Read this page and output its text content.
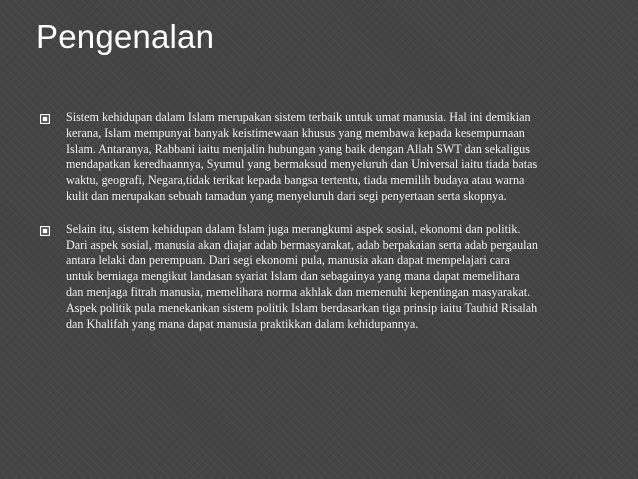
Pengenalan
Sistem kehidupan dalam Islam merupakan sistem terbaik untuk umat manusia. Hal ini demikian kerana, Islam mempunyai banyak keistimewaan khusus yang membawa kepada kesempurnaan Islam. Antaranya, Rabbani iaitu menjalin hubungan yang baik dengan Allah SWT dan sekaligus mendapatkan keredhaannya, Syumul yang bermaksud menyeluruh dan Universal iaitu tiada batas waktu, geografi, Negara,tidak terikat kepada bangsa tertentu, tiada memilih budaya atau warna kulit dan merupakan sebuah tamadun yang menyeluruh dari segi penyertaan serta skopnya.
Selain itu, sistem kehidupan dalam Islam juga merangkumi aspek sosial, ekonomi dan politik. Dari aspek sosial, manusia akan diajar adab bermasyarakat, adab berpakaian serta adab pergaulan antara lelaki dan perempuan. Dari segi ekonomi pula, manusia akan dapat mempelajari cara untuk berniaga mengikut landasan syariat Islam dan sebagainya yang mana dapat memelihara dan menjaga fitrah manusia, memelihara norma akhlak dan memenuhi kepentingan masyarakat. Aspek politik pula menekankan sistem politik Islam berdasarkan tiga prinsip iaitu Tauhid Risalah dan Khalifah yang mana dapat manusia praktikkan dalam kehidupannya.
